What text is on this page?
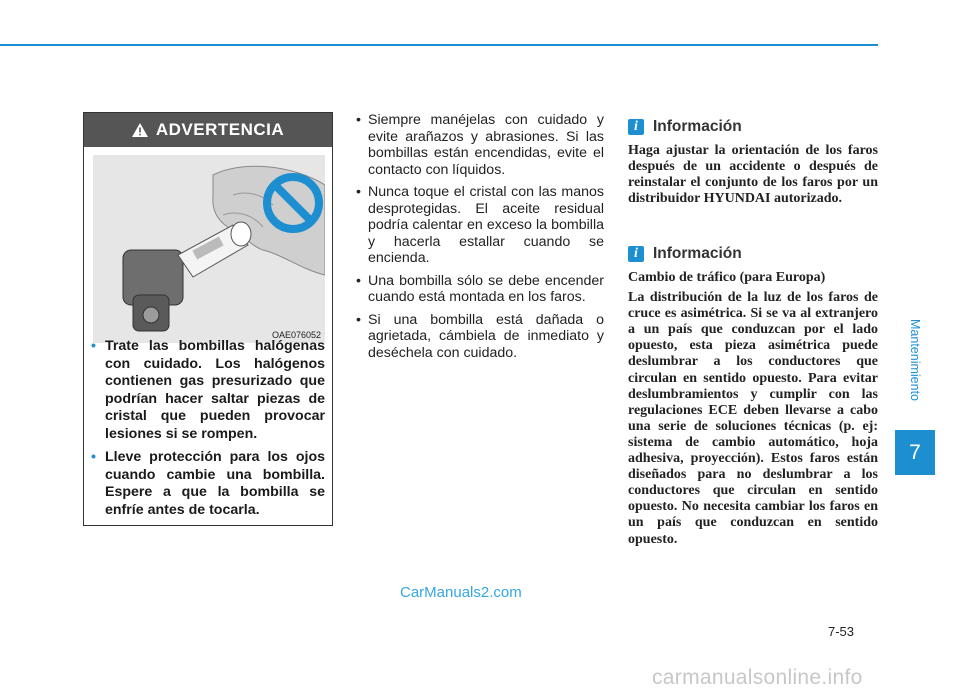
ADVERTENCIA
OAE076052
• Trate las bombillas halógenas con cuidado. Los halógenos contienen gas presurizado que podrían hacer saltar piezas de cristal que pueden provocar lesiones si se rompen.
• Lleve protección para los ojos cuando cambie una bombilla. Espere a que la bombilla se enfríe antes de tocarla.
• Siempre manéjelas con cuidado y evite arañazos y abrasiones. Si las bombillas están encendidas, evite el contacto con líquidos.
• Nunca toque el cristal con las manos desprotegidas. El aceite residual podría calentar en exceso la bombilla y hacerla estallar cuando se encienda.
• Una bombilla sólo se debe encender cuando está montada en los faros.
• Si una bombilla está dañada o agrietada, cámbiela de inmediato y deséchela con cuidado.
i Información

Haga ajustar la orientación de los faros después de un accidente o después de reinstalar el conjunto de los faros por un distribuidor HYUNDAI autorizado.

i Información

Cambio de tráfico (para Europa)

La distribución de la luz de los faros de cruce es asimétrica. Si se va al extranjero a un país que conduzcan por el lado opuesto, esta pieza asimétrica puede deslumbrar a los conductores que circulan en sentido opuesto. Para evitar deslumbramientos y cumplir con las regulaciones ECE deben llevarse a cabo una serie de soluciones técnicas (p. ej: sistema de cambio automático, hoja adhesiva, proyección). Estos faros están diseñados para no deslumbrar a los conductores que circulan en sentido opuesto. No necesita cambiar los faros en un país que conduzcan en sentido opuesto.

Mantenimiento
7
CarManuals2.com
7-53
carmanualsonline.info
